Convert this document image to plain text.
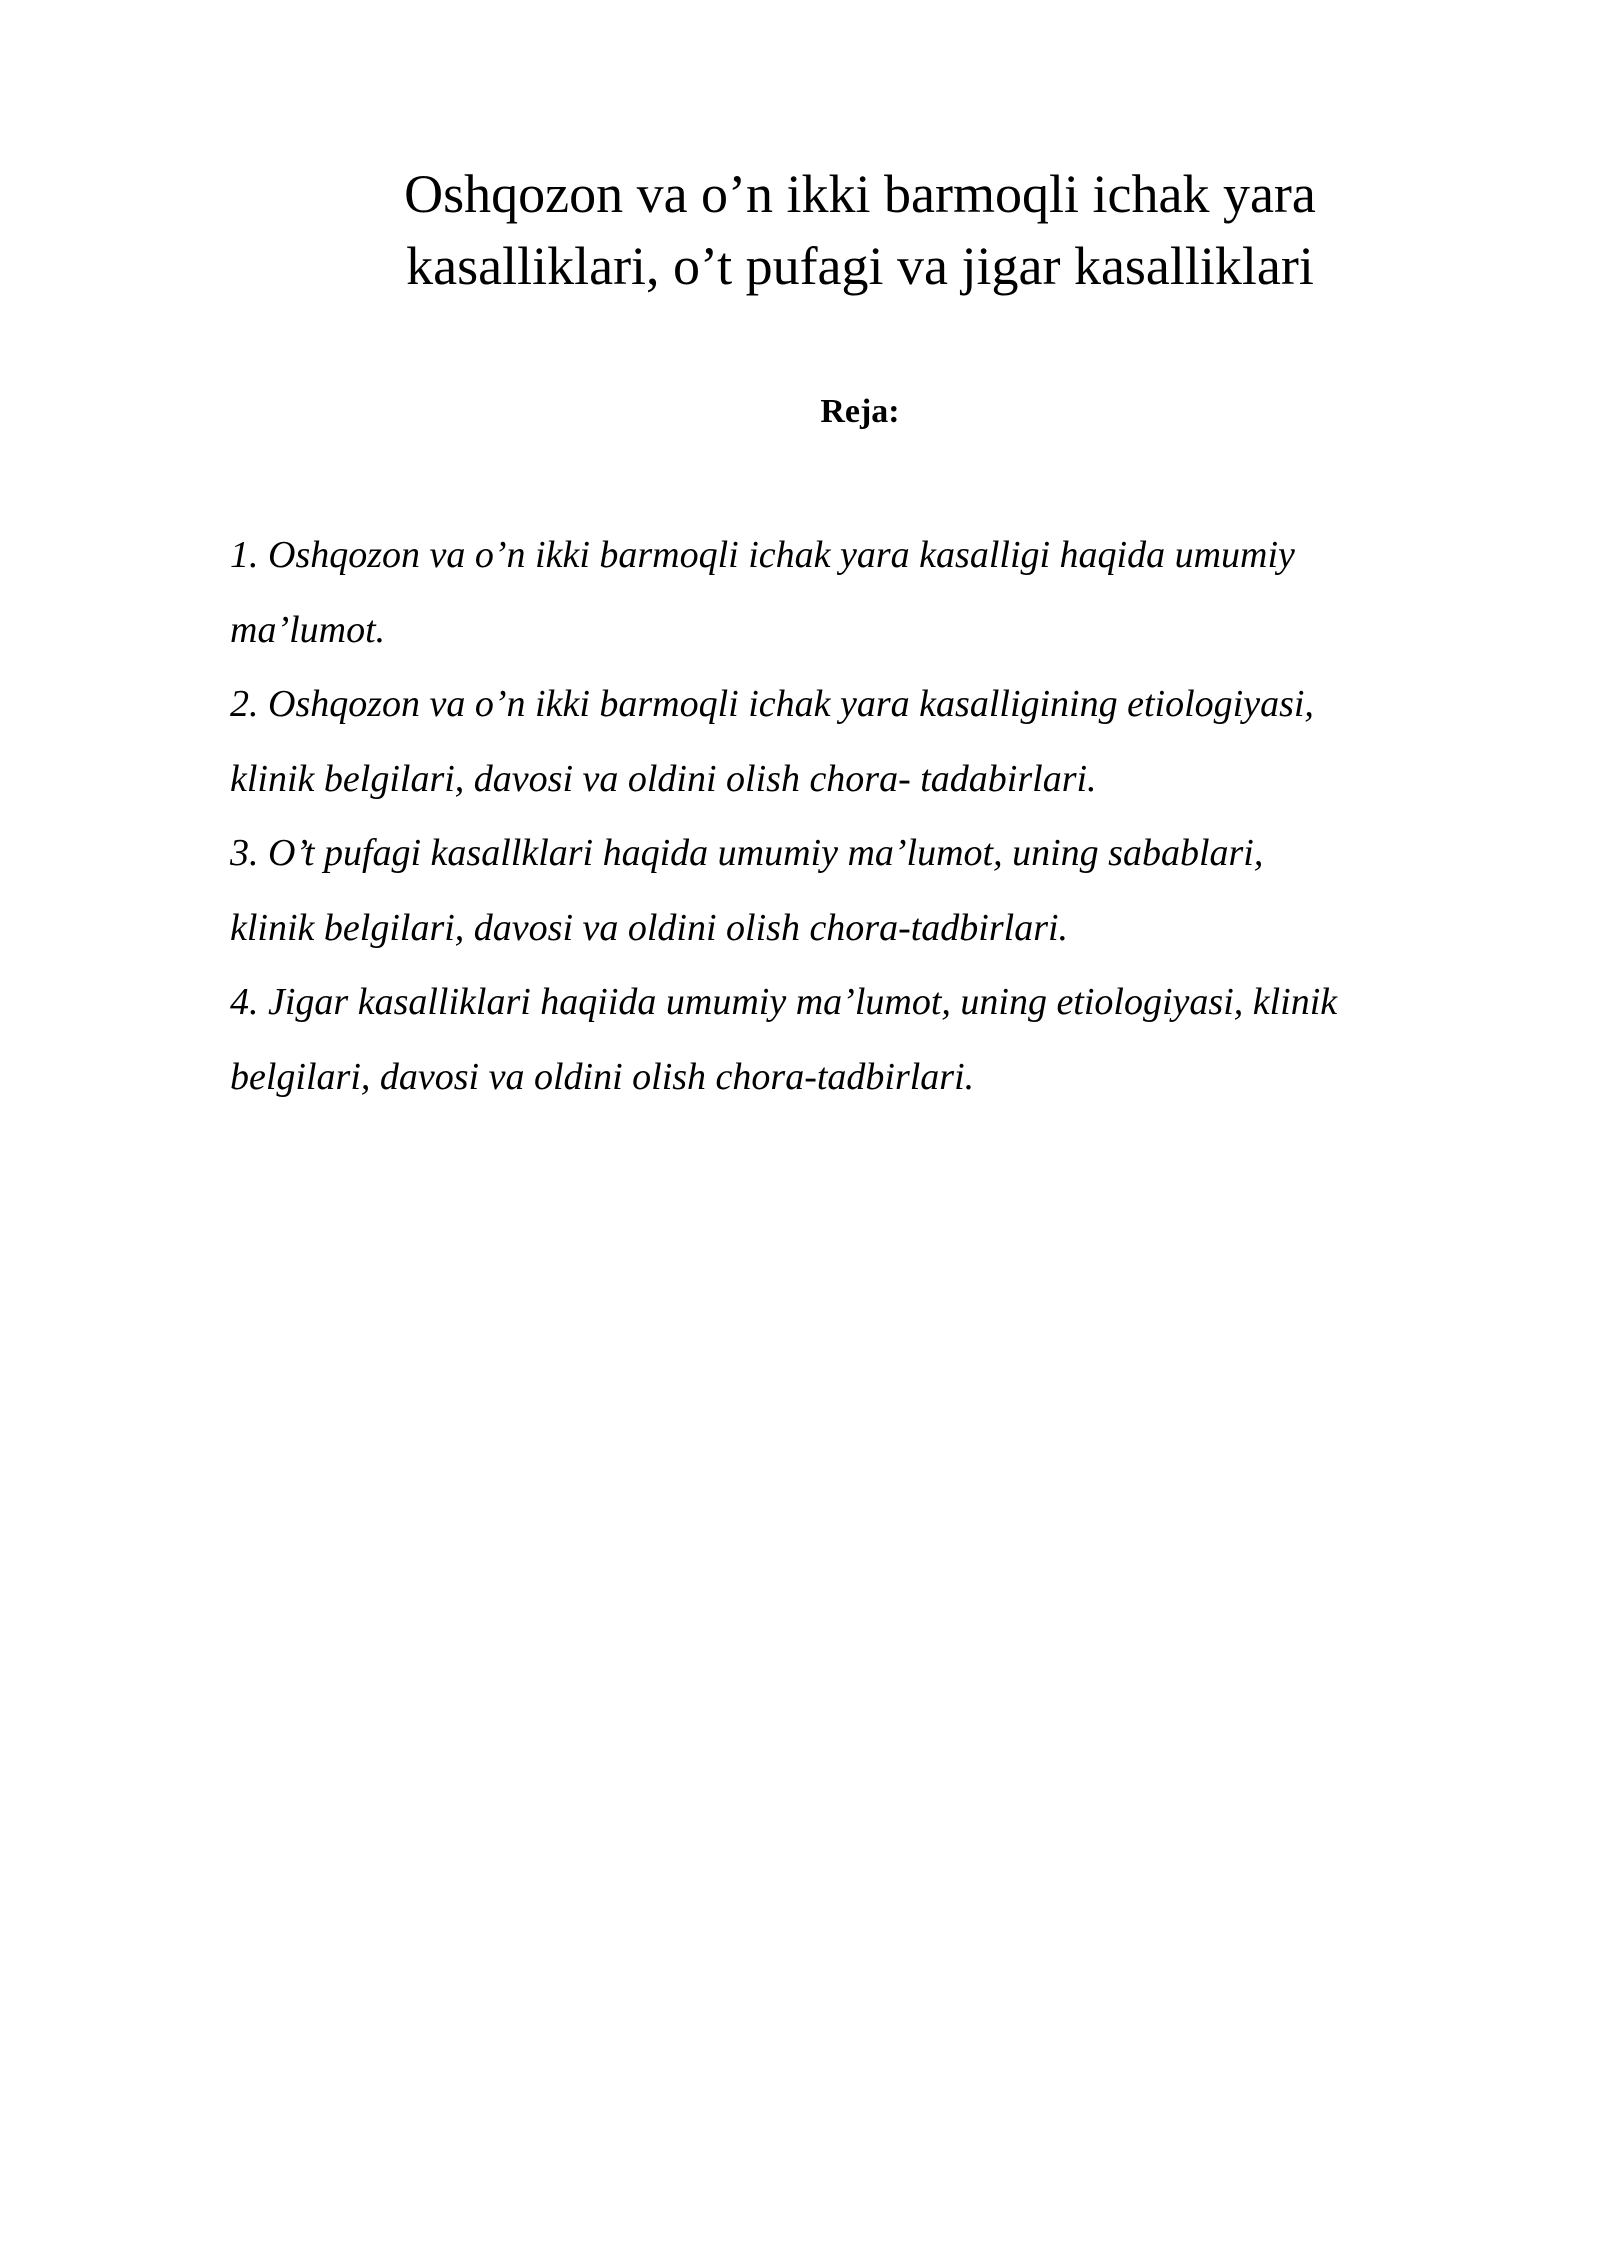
Oshqozon va o’n ikki barmoqli ichak yara
kasalliklari, o’t pufagi va jigar kasalliklari
Reja:
1. Oshqozon va o’n ikki barmoqli ichak yara kasalligi haqida umumiy
ma’lumot.
2. Oshqozon va o’n ikki barmoqli ichak yara kasalligining etiologiyasi,
klinik belgilari, davosi va oldini olish chora- tadabirlari.
3. O’t pufagi kasallklari haqida umumiy ma’lumot, uning sabablari,
klinik belgilari, davosi va oldini olish chora-tadbirlari.
4. Jigar kasalliklari haqiida umumiy ma’lumot, uning etiologiyasi, klinik
belgilari, davosi va oldini olish chora-tadbirlari.
